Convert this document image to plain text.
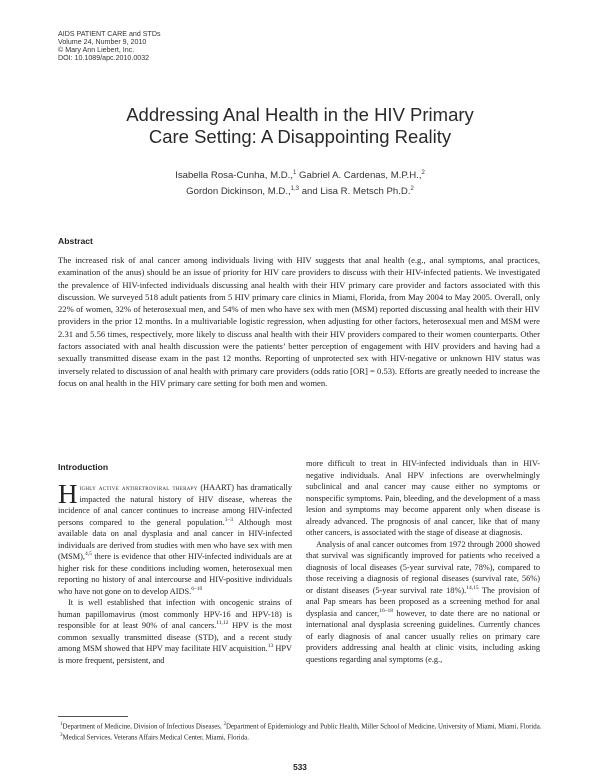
AIDS PATIENT CARE and STDs
Volume 24, Number 9, 2010
© Mary Ann Liebert, Inc.
DOI: 10.1089/apc.2010.0032
Addressing Anal Health in the HIV Primary
Care Setting: A Disappointing Reality
Isabella Rosa-Cunha, M.D.,$^1$ Gabriel A. Cardenas, M.P.H.,$^2$
Gordon Dickinson, M.D.,$^{1,3}$ and Lisa R. Metsch Ph.D.$^2$
Abstract
The increased risk of anal cancer among individuals living with HIV suggests that anal health (e.g., anal symptoms, anal practices, examination of the anus) should be an issue of priority for HIV care providers to discuss with their HIV-infected patients. We investigated the prevalence of HIV-infected individuals discussing anal health with their HIV primary care provider and factors associated with this discussion. We surveyed 518 adult patients from 5 HIV primary care clinics in Miami, Florida, from May 2004 to May 2005. Overall, only 22% of women, 32% of heterosexual men, and 54% of men who have sex with men (MSM) reported discussing anal health with their HIV providers in the prior 12 months. In a multivariable logistic regression, when adjusting for other factors, heterosexual men and MSM were 2.31 and 5.56 times, respectively, more likely to discuss anal health with their HIV providers compared to their women counterparts. Other factors associated with anal health discussion were the patients’ better perception of engagement with HIV providers and having had a sexually transmitted disease exam in the past 12 months. Reporting of unprotected sex with HIV-negative or unknown HIV status was inversely related to discussion of anal health with primary care providers (odds ratio [OR] = 0.53). Efforts are greatly needed to increase the focus on anal health in the HIV primary care setting for both men and women.
Introduction

Highly active antiretroviral therapy (HAART) has dramatically impacted the natural history of HIV disease, whereas the incidence of anal cancer continues to increase among HIV-infected persons compared to the general population.$^{1-3}$ Although most available data on anal dysplasia and anal cancer in HIV-infected individuals are derived from studies with men who have sex with men (MSM),$^{4,5}$ there is evidence that other HIV-infected individuals are at higher risk for these conditions including women, heterosexual men reporting no history of anal intercourse and HIV-positive individuals who have not gone on to develop AIDS.$^{6-10}$

It is well established that infection with oncogenic strains of human papillomavirus (most commonly HPV-16 and HPV-18) is responsible for at least 90% of anal cancers.$^{11,12}$ HPV is the most common sexually transmitted disease (STD), and a recent study among MSM showed that HPV may facilitate HIV acquisition.$^{13}$ HPV is more frequent, persistent, and

more difficult to treat in HIV-infected individuals than in HIV-negative individuals. Anal HPV infections are overwhelmingly subclinical and anal cancer may cause either no symptoms or nonspecific symptoms. Pain, bleeding, and the development of a mass lesion and symptoms may become apparent only when disease is already advanced. The prognosis of anal cancer, like that of many other cancers, is associated with the stage of disease at diagnosis.

Analysis of anal cancer outcomes from 1972 through 2000 showed that survival was significantly improved for patients who received a diagnosis of local diseases (5-year survival rate, 78%), compared to those receiving a diagnosis of regional diseases (survival rate, 56%) or distant diseases (5-year survival rate 18%).$^{14,15}$ The provision of anal Pap smears has been proposed as a screening method for anal dysplasia and cancer,$^{16-18}$ however, to date there are no national or international anal dysplasia screening guidelines. Currently chances of early diagnosis of anal cancer usually relies on primary care providers addressing anal health at clinic visits, including asking questions regarding anal symptoms (e.g.,

$^1$Department of Medicine, Division of Infectious Diseases, $^2$Department of Epidemiology and Public Health, Miller School of Medicine, University of Miami, Miami, Florida.
$^3$Medical Services, Veterans Affairs Medical Center, Miami, Florida.
533
